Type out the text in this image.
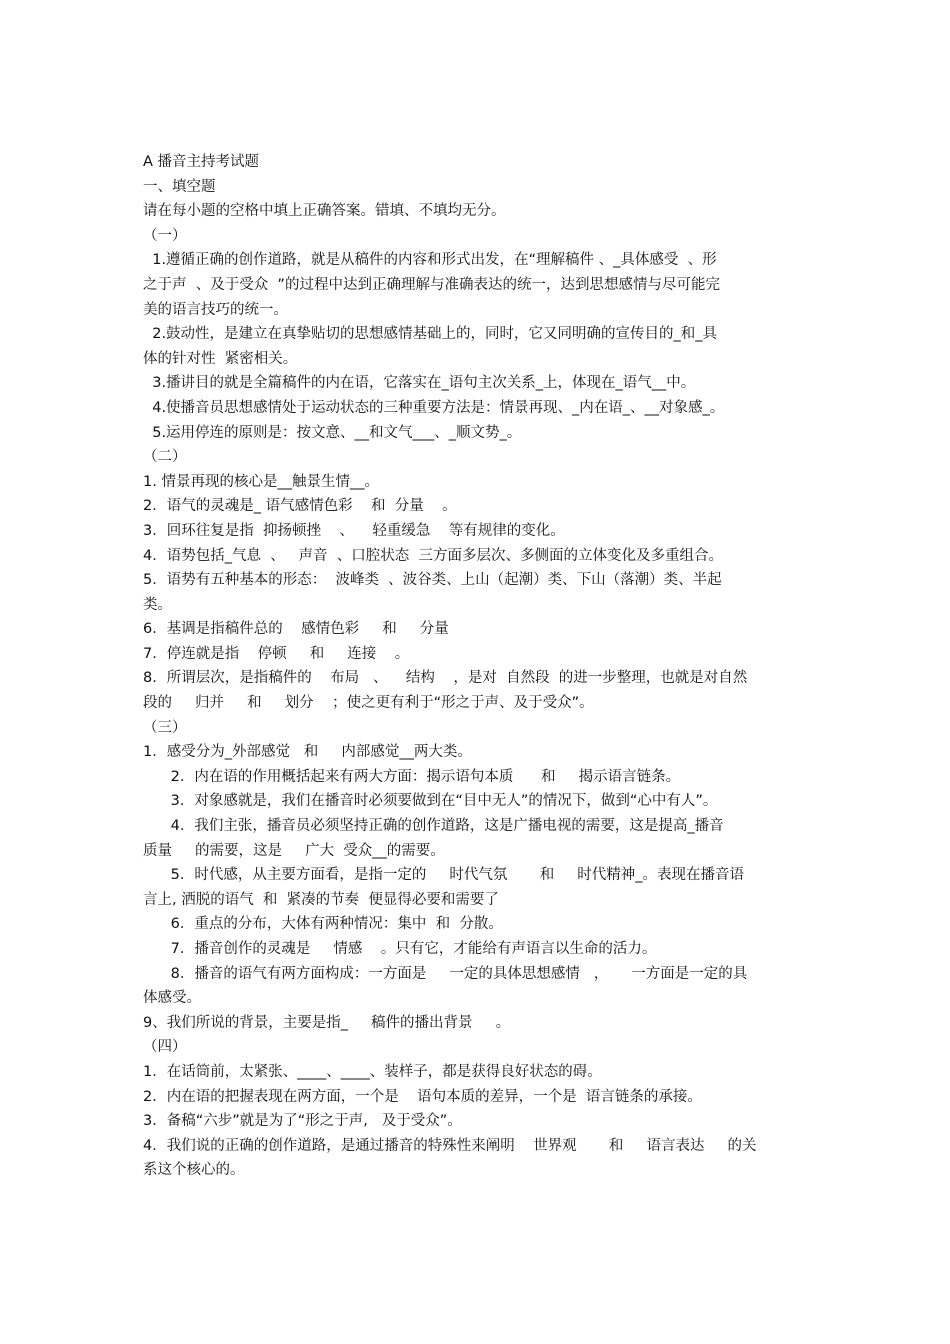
A 播音主持考试题
一、填空题
请在每小题的空格中填上正确答案。错填、不填均无分。
（一）
1.遵循正确的创作道路，就是从稿件的内容和形式出发，在“理解稿件 、_具体感受  、形
之于声  、及于受众  ”的过程中达到正确理解与准确表达的统一，达到思想感情与尽可能完
美的语言技巧的统一。
2.鼓动性，是建立在真挚贴切的思想感情基础上的，同时，它又同明确的宣传目的_和_具
体的针对性  紧密相关。
3.播讲目的就是全篇稿件的内在语，它落实在_语句主次关系_上，体现在_语气__中。
4.使播音员思想感情处于运动状态的三种重要方法是：情景再现、_内在语_、__对象感_。
5.运用停连的原则是：按文意、__和文气___、_顺文势_。
（二）
1. 情景再现的核心是__触景生情__。
2．语气的灵魂是_ 语气感情色彩    和  分量    。
3．回环往复是指  抑扬顿挫    、    轻重缓急    等有规律的变化。
4．语势包括_气息  、   声音  、口腔状态  三方面多层次、多侧面的立体变化及多重组合。
5．语势有五种基本的形态：  波峰类  、波谷类、上山（起潮）类、下山（落潮）类、半起
类。
6．基调是指稿件总的    感情色彩     和     分量
7．停连就是指    停顿     和     连接    。
8．所谓层次，是指稿件的    布局   、    结构    ，是对  自然段  的进一步整理，也就是对自然
段的     归并     和     划分    ；使之更有利于“形之于声、及于受众”。
（三）
1．感受分为_外部感觉   和     内部感觉__两大类。
2．内在语的作用概括起来有两大方面：揭示语句本质      和     揭示语言链条。
3．对象感就是，我们在播音时必须要做到在“目中无人”的情况下，做到“心中有人”。
4．我们主张，播音员必须坚持正确的创作道路，这是广播电视的需要，这是提高_播音
质量     的需要，这是     广大  受众__的需要。
5．时代感，从主要方面看，是指一定的     时代气氛       和     时代精神_。表现在播音语
言上, 洒脱的语气  和  紧凑的节奏  便显得必要和需要了
6．重点的分布，大体有两种情况：集中  和  分散。
7．播音创作的灵魂是     情感    。只有它，才能给有声语言以生命的活力。
8．播音的语气有两方面构成：一方面是     一定的具体思想感情   ，     一方面是一定的具
体感受。
9、我们所说的背景，主要是指_     稿件的播出背景     。
（四）
1．在话筒前，太紧张、____、____、装样子，都是获得良好状态的碍。
2．内在语的把握表现在两方面，一个是    语句本质的差异，一个是  语言链条的承接。
3．备稿“六步”就是为了“形之于声,   及于受众”。
4．我们说的正确的创作道路，是通过播音的特殊性来阐明    世界观       和     语言表达     的关
系这个核心的。
